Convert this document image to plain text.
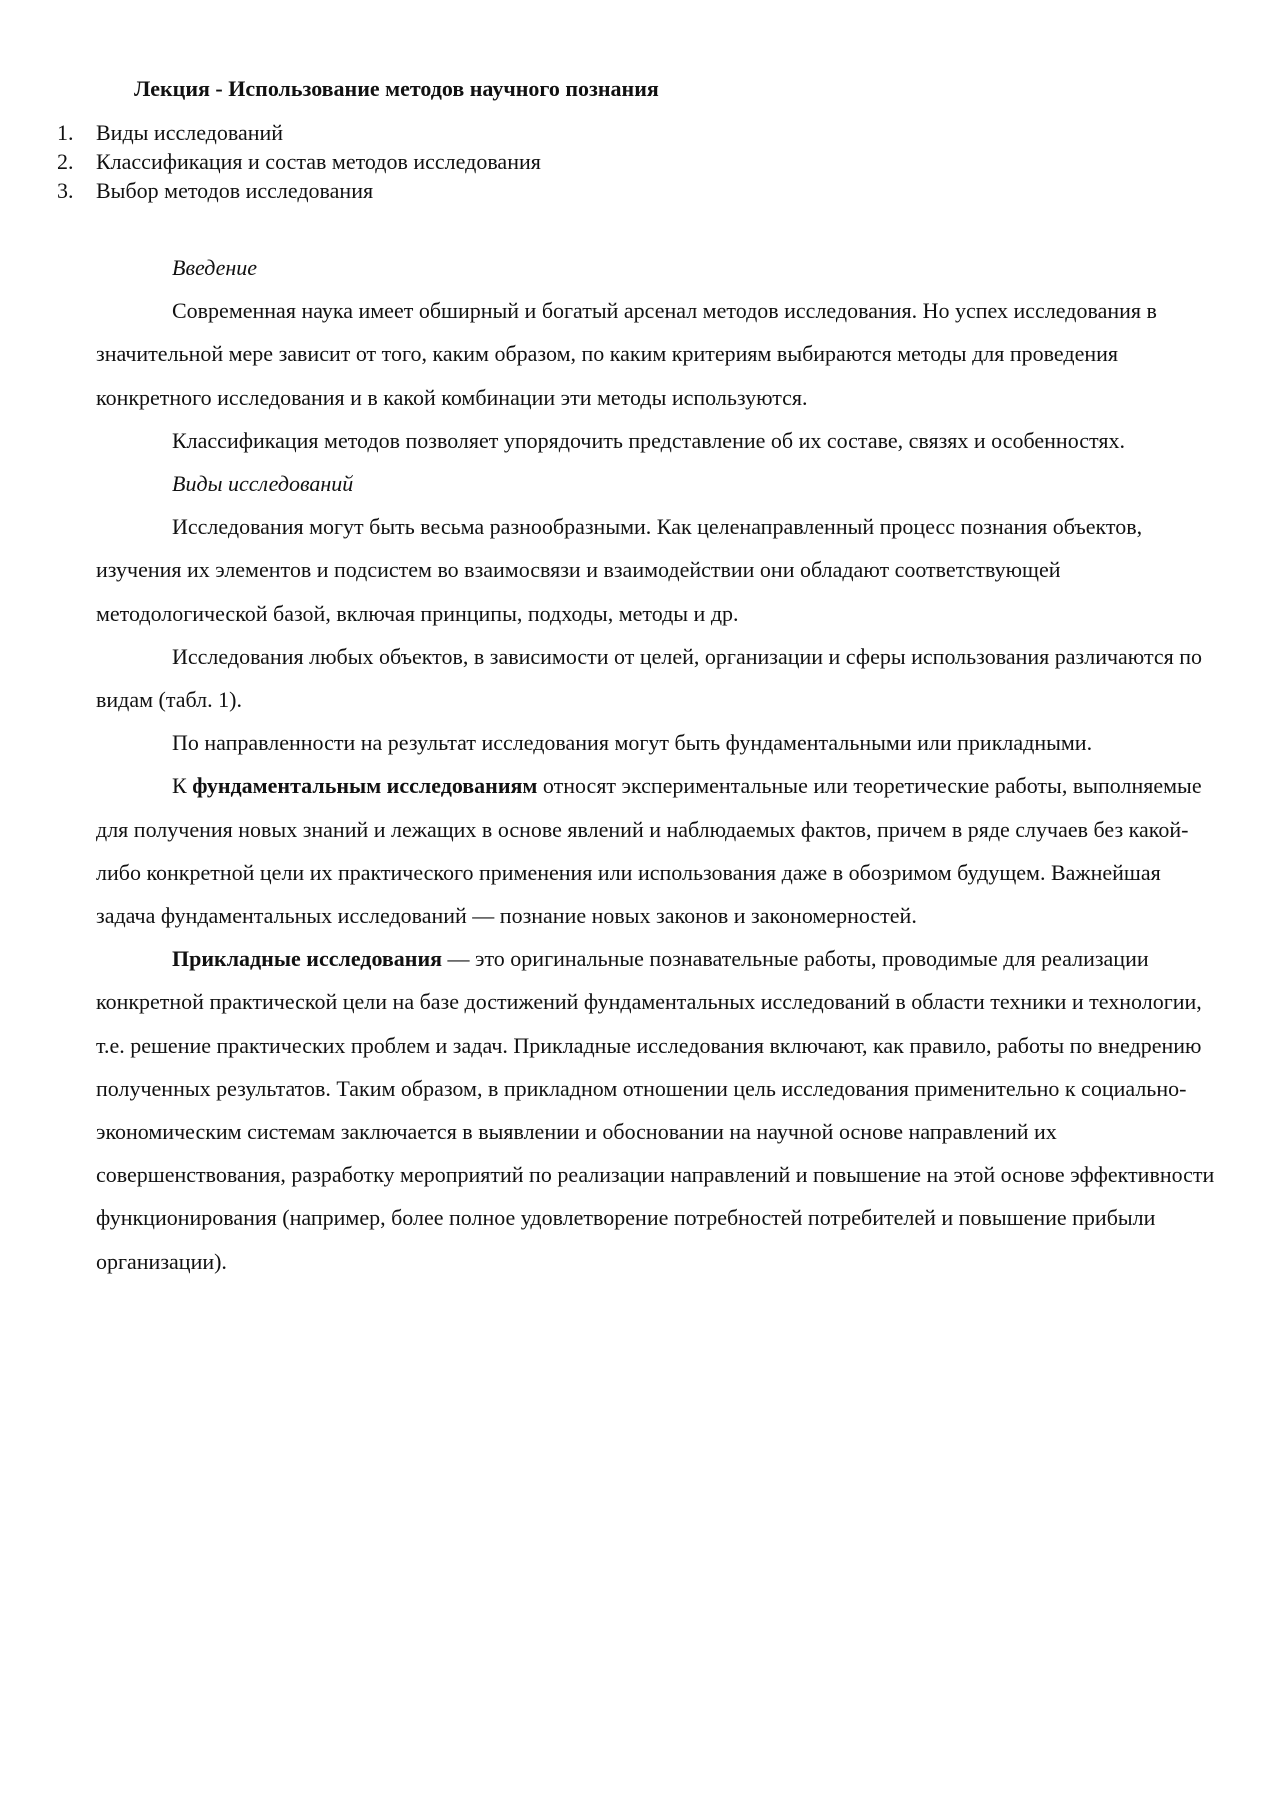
Лекция - Использование методов научного познания
1. Виды исследований
2. Классификация и состав методов исследования
3. Выбор методов исследования

Введение

Современная наука имеет обширный и богатый арсенал методов исследования. Но успех исследования в значительной мере зависит от того, каким образом, по каким критериям выбираются методы для проведения конкретного исследования и в какой комбинации эти методы используются.

Классификация методов позволяет упорядочить представление об их составе, связях и особенностях.

Виды исследований

Исследования могут быть весьма разнообразными. Как целенаправленный процесс познания объектов, изучения их элементов и подсистем во взаимосвязи и взаимодействии они обладают соответствующей методологической базой, включая принципы, подходы, методы и др.

Исследования любых объектов, в зависимости от целей, организации и сферы использования различаются по видам (табл. 1).

По направленности на результат исследования могут быть фундаментальными или прикладными.

К фундаментальным исследованиям относят экспериментальные или теоретические работы, выполняемые для получения новых знаний и лежащих в основе явлений и наблюдаемых фактов, причем в ряде случаев без какой-либо конкретной цели их практического применения или использования даже в обозримом будущем. Важнейшая задача фундаментальных исследований — познание новых законов и закономерностей.

Прикладные исследования — это оригинальные познавательные работы, проводимые для реализации конкретной практической цели на базе достижений фундаментальных исследований в области техники и технологии, т.е. решение практических проблем и задач. Прикладные исследования включают, как правило, работы по внедрению полученных результатов. Таким образом, в прикладном отношении цель исследования применительно к социально-экономическим системам заключается в выявлении и обосновании на научной основе направлений их совершенствования, разработку мероприятий по реализации направлений и повышение на этой основе эффективности функционирования (например, более полное удовлетворение потребностей потребителей и повышение прибыли организации).
